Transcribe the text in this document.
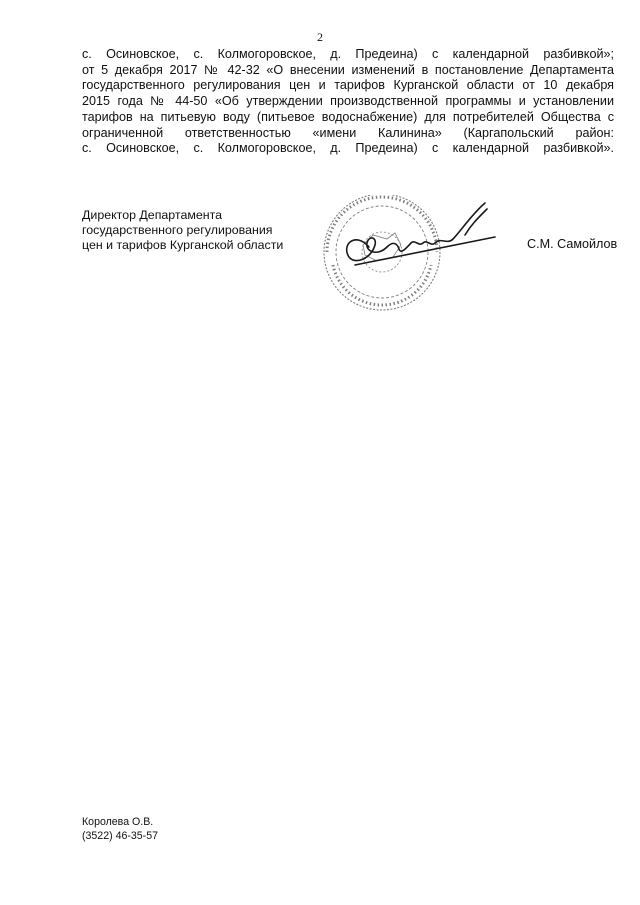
2
с. Осиновское, с. Колмогоровское, д. Предеина) с календарной разбивкой»;
от 5 декабря 2017 № 42-32 «О внесении изменений в постановление Департамента
государственного регулирования цен и тарифов Курганской области от 10 декабря
2015 года № 44-50 «Об утверждении производственной программы и установлении
тарифов на питьевую воду (питьевое водоснабжение) для потребителей Общества с
ограниченной ответственностью «имени Калинина» (Каргапольский район:
с. Осиновское, с. Колмогоровское, д. Предеина) с календарной разбивкой».
Директор Департамента
государственного регулирования
цен и тарифов Курганской области	С.М. Самойлов
Королева О.В.
(3522) 46-35-57
